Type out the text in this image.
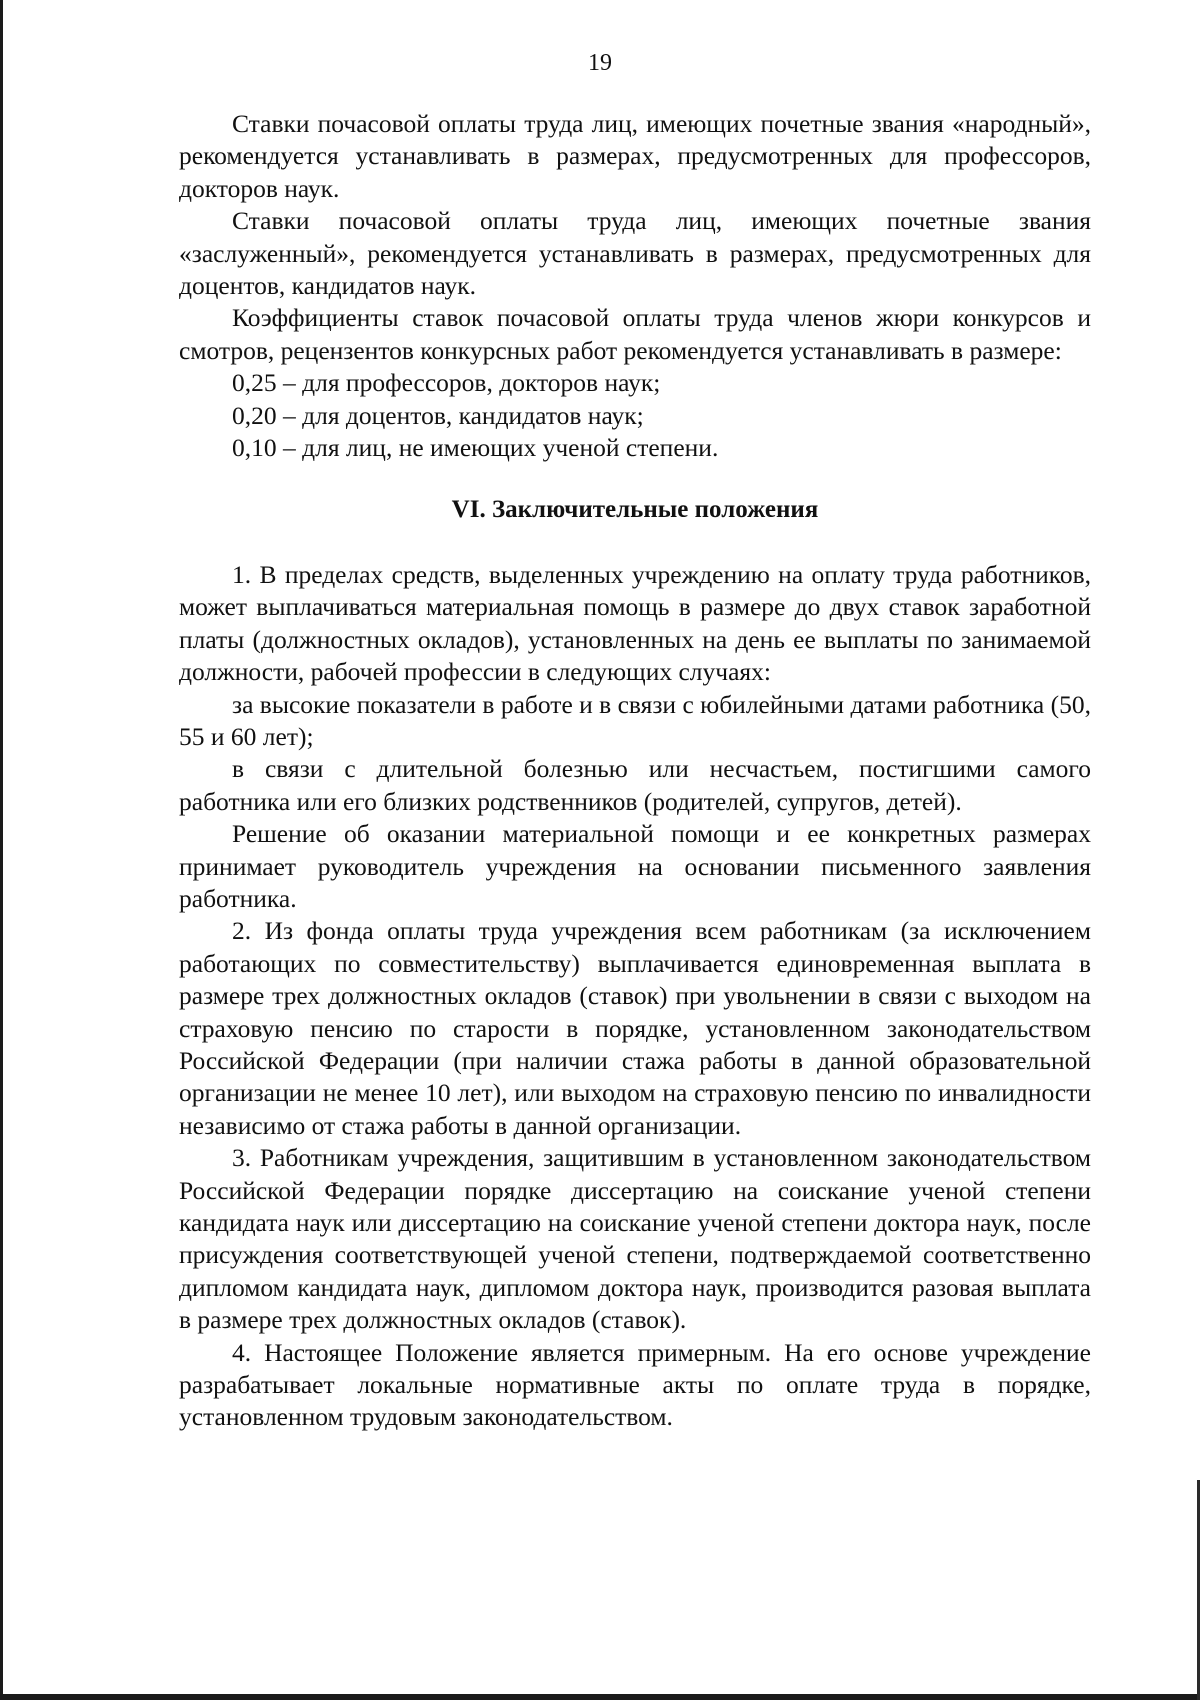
19

Ставки почасовой оплаты труда лиц, имеющих почетные звания «народный», рекомендуется устанавливать в размерах, предусмотренных для профессоров, докторов наук.

Ставки почасовой оплаты труда лиц, имеющих почетные звания «заслуженный», рекомендуется устанавливать в размерах, предусмотренных для доцентов, кандидатов наук.

Коэффициенты ставок почасовой оплаты труда членов жюри конкурсов и смотров, рецензентов конкурсных работ рекомендуется устанавливать в размере:

0,25 – для профессоров, докторов наук;

0,20 – для доцентов, кандидатов наук;

0,10 – для лиц, не имеющих ученой степени.

VI. Заключительные положения

1. В пределах средств, выделенных учреждению на оплату труда работников, может выплачиваться материальная помощь в размере до двух ставок заработной платы (должностных окладов), установленных на день ее выплаты по занимаемой должности, рабочей профессии в следующих случаях:

за высокие показатели в работе и в связи с юбилейными датами работника (50, 55 и 60 лет);

в связи с длительной болезнью или несчастьем, постигшими самого работника или его близких родственников (родителей, супругов, детей).

Решение об оказании материальной помощи и ее конкретных размерах принимает руководитель учреждения на основании письменного заявления работника.

2. Из фонда оплаты труда учреждения всем работникам (за исключением работающих по совместительству) выплачивается единовременная выплата в размере трех должностных окладов (ставок) при увольнении в связи с выходом на страховую пенсию по старости в порядке, установленном законодательством Российской Федерации (при наличии стажа работы в данной образовательной организации не менее 10 лет), или выходом на страховую пенсию по инвалидности независимо от стажа работы в данной организации.

3. Работникам учреждения, защитившим в установленном законодательством Российской Федерации порядке диссертацию на соискание ученой степени кандидата наук или диссертацию на соискание ученой степени доктора наук, после присуждения соответствующей ученой степени, подтверждаемой соответственно дипломом кандидата наук, дипломом доктора наук, производится разовая выплата в размере трех должностных окладов (ставок).

4. Настоящее Положение является примерным. На его основе учреждение разрабатывает локальные нормативные акты по оплате труда в порядке, установленном трудовым законодательством.
